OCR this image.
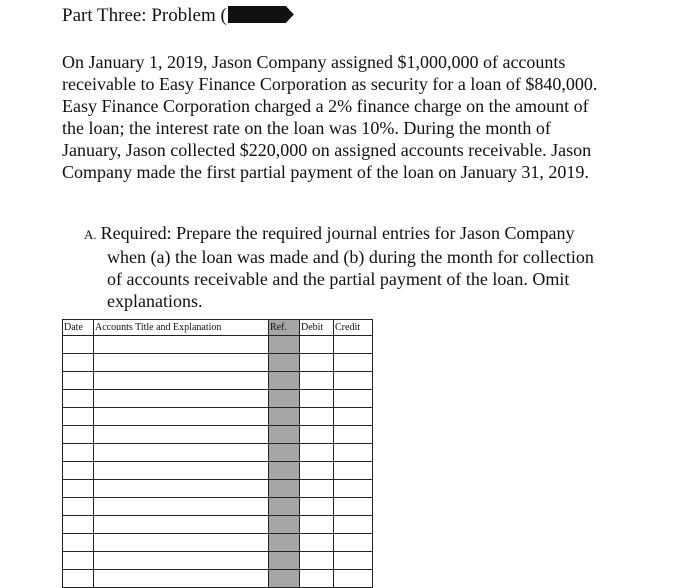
Part Three: Problem (

On January 1, 2019, Jason Company assigned $1,000,000 of accounts
receivable to Easy Finance Corporation as security for a loan of $840,000.
Easy Finance Corporation charged a 2% finance charge on the amount of
the loan; the interest rate on the loan was 10%. During the month of
January, Jason collected $220,000 on assigned accounts receivable. Jason
Company made the first partial payment of the loan on January 31, 2019.

A. Required: Prepare the required journal entries for Jason Company
when (a) the loan was made and (b) during the month for collection
of accounts receivable and the partial payment of the loan. Omit
explanations.

Date	Accounts Title and Explanation	Ref.	Debit	Credit
